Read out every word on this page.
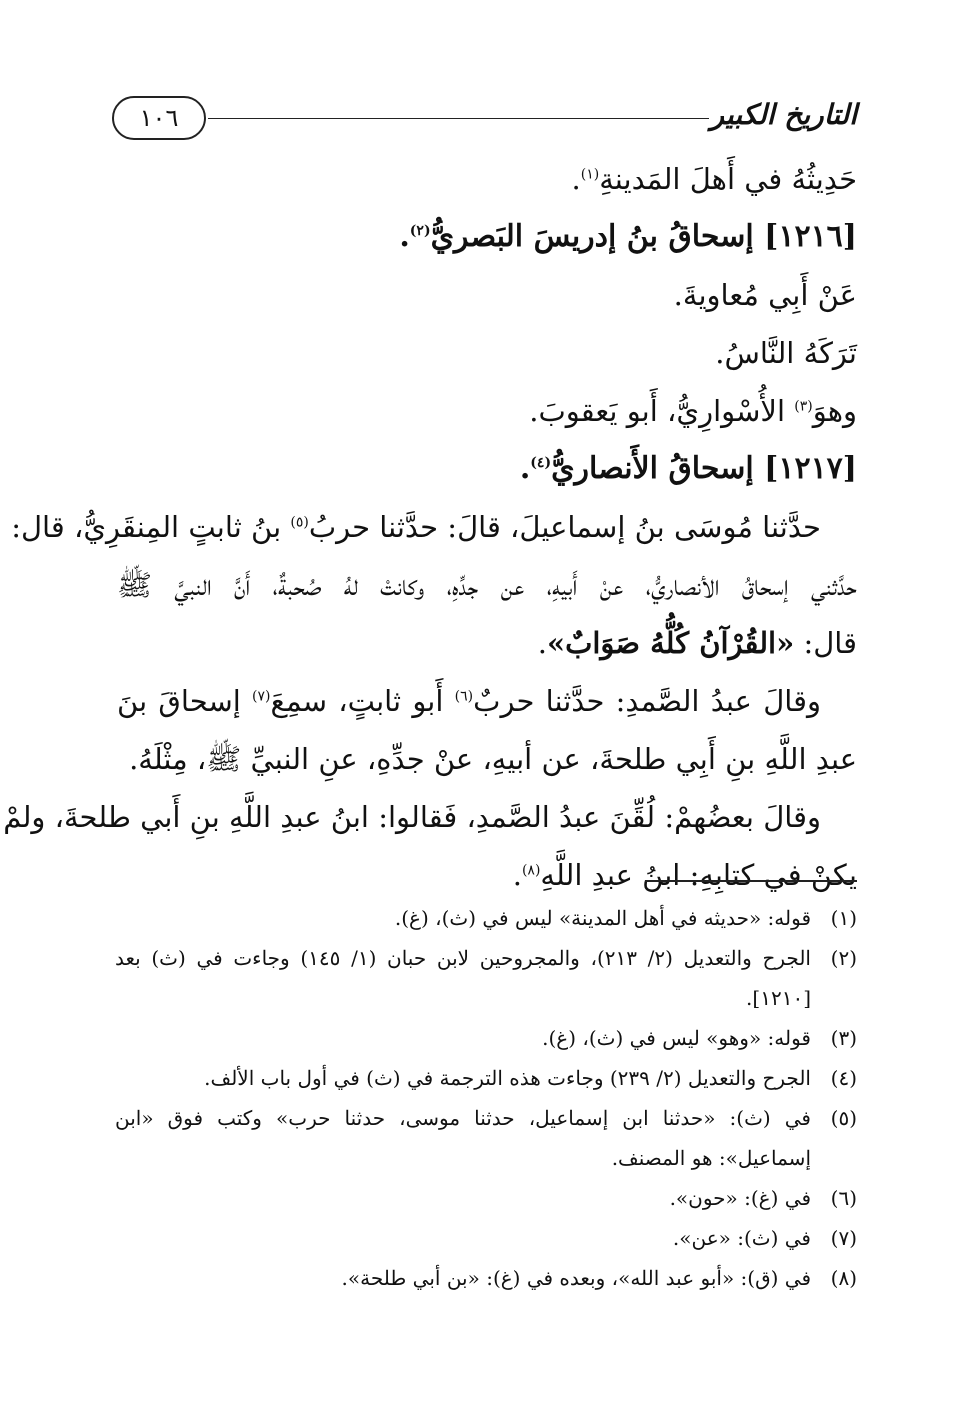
التاريخ الكبير
١٠٦
حَدِيثُهُ في أَهلَ المَدينةِ$^{(١)}$.
[١٢١٦] إسحاقُ بنُ إدريسَ البَصريُّ$^{(٢)}$.
عَنْ أَبِي مُعاويةَ.
تَرَكَهُ النَّاسُ.
وهوَ$^{(٣)}$ الأُسْوارِيُّ، أَبو يَعقوبَ.
[١٢١٧] إسحاقُ الأَنصاريُّ$^{(٤)}$.
حدَّثنا مُوسَى بنُ إسماعيلَ، قالَ: حدَّثنا حربُ$^{(٥)}$ بنُ ثابتٍ المِنقَرِيُّ، قال:
حدَّثني إسحاقُ الأنصاريُّ، عنْ أَبيهِ، عن جدِّهِ، وكانتْ لهُ صُحبةٌ، أَنَّ النبيَّ ﷺ
قال: «القُرْآنُ كُلُّهُ صَوَابٌ».
وقالَ عبدُ الصَّمدِ: حدَّثنا حربٌ$^{(٦)}$ أَبو ثابتٍ، سمِعَ$^{(٧)}$ إسحاقَ بنَ
عبدِ اللَّهِ بنِ أَبِي طلحةَ، عن أبيهِ، عنْ جدِّهِ، عنِ النبيِّ ﷺ، مِثْلَهُ.
وقالَ بعضُهمْ: لُقِّنَ عبدُ الصَّمدِ، فَقالوا: ابنُ عبدِ اللَّهِ بنِ أَبي طلحةَ، ولمْ
يكنْ في كتابِهِ: ابنُ عبدِ اللَّهِ$^{(٨)}$.
(١)
قوله: «حديثه في أهل المدينة» ليس في (ث)، (غ).
(٢)
الجرح والتعديل (٢/ ٢١٣)، والمجروحين لابن حبان (١/ ١٤٥) وجاءت في (ث) بعد [١٢١٠].
(٣)
قوله: «وهو» ليس في (ث)، (غ).
(٤)
الجرح والتعديل (٢/ ٢٣٩) وجاءت هذه الترجمة في (ث) في أول باب الألف.
(٥)
في (ث): «حدثنا ابن إسماعيل، حدثنا موسى، حدثنا حرب» وكتب فوق «ابن إسماعيل»: هو المصنف.
(٦)
في (غ): «حون».
(٧)
في (ث): «عن».
(٨)
في (ق): «أبو عبد الله»، وبعده في (غ): «بن أبي طلحة».
